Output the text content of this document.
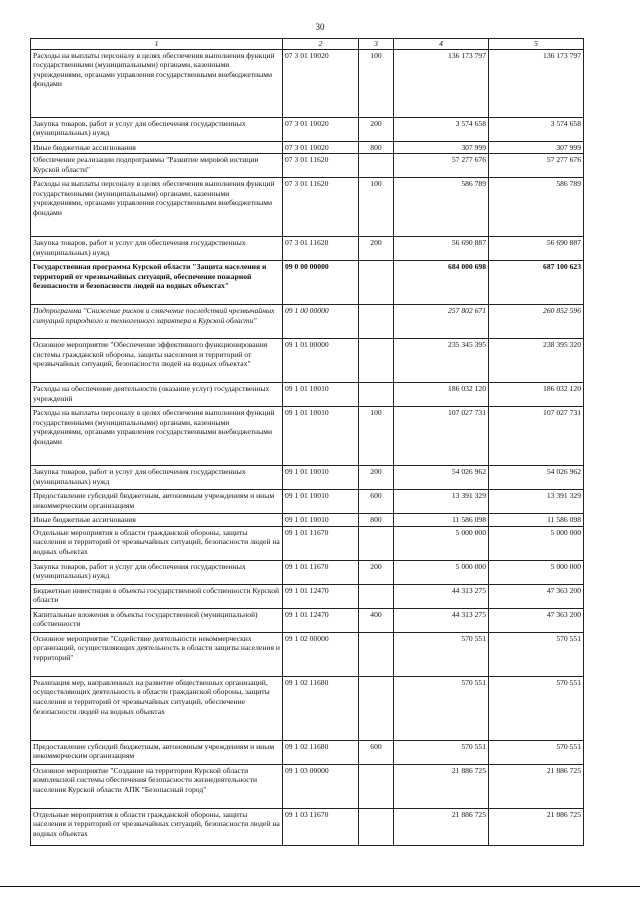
30
1	2	3	4	5
Расходы на выплаты персоналу в целях обеспечения выполнения функций государственными (муниципальными) органами, казенными учреждениями, органами управления государственными внебюджетными фондами	07 3 01 10020	100	136 173 797	136 173 797
Закупка товаров, работ и услуг для обеспечения государственных (муниципальных) нужд	07 3 01 10020	200	3 574 658	3 574 658
Иные бюджетные ассигнования	07 3 01 10020	800	307 999	307 999
Обеспечение реализации подпрограммы "Развитие мировой юстиции Курской области"	07 3 01 11620		57 277 676	57 277 676
Расходы на выплаты персоналу в целях обеспечения выполнения функций государственными (муниципальными) органами, казенными учреждениями, органами управления государственными внебюджетными фондами	07 3 01 11620	100	586 789	586 789
Закупка товаров, работ и услуг для обеспечения государственных (муниципальных) нужд	07 3 01 11620	200	56 690 887	56 690 887
Государственная программа Курской области "Защита населения и территорий от чрезвычайных ситуаций, обеспечение пожарной безопасности и безопасности людей на водных объектах"	09 0 00 00000		684 000 698	687 100 623
Подпрограмма "Снижение рисков и смягчение последствий чрезвычайных ситуаций природного и техногенного характера в Курской области"	09 1 00 00000		257 802 671	260 852 596
Основное мероприятие "Обеспечение эффективного функционирования системы гражданской обороны, защиты населения и территорий от чрезвычайных ситуаций, безопасности людей на водных объектах"	09 1 01 00000		235 345 395	238 395 320
Расходы на обеспечение деятельности (оказание услуг) государственных учреждений	09 1 01 10010		186 032 120	186 032 120
Расходы на выплаты персоналу в целях обеспечения выполнения функций государственными (муниципальными) органами, казенными учреждениями, органами управления государственными внебюджетными фондами	09 1 01 10010	100	107 027 731	107 027 731
Закупка товаров, работ и услуг для обеспечения государственных (муниципальных) нужд	09 1 01 10010	200	54 026 962	54 026 962
Предоставление субсидий бюджетным, автономным учреждениям и иным некоммерческим организациям	09 1 01 10010	600	13 391 329	13 391 329
Иные бюджетные ассигнования	09 1 01 10010	800	11 586 098	11 586 098
Отдельные мероприятия в области гражданской обороны, защиты населения и территорий от чрезвычайных ситуаций, безопасности людей на водных объектах	09 1 01 11670		5 000 000	5 000 000
Закупка товаров, работ и услуг для обеспечения государственных (муниципальных) нужд	09 1 01 11670	200	5 000 000	5 000 000
Бюджетные инвестиции в объекты государственной собственности Курской области	09 1 01 12470		44 313 275	47 363 200
Капитальные вложения в объекты государственной (муниципальной) собственности	09 1 01 12470	400	44 313 275	47 363 200
Основное мероприятие "Содействие деятельности некоммерческих организаций, осуществляющих деятельность в области защиты населения и территорий"	09 1 02 00000		570 551	570 551
Реализация мер, направленных на развитие общественных организаций, осуществляющих деятельность в области гражданской обороны, защиты населения и территорий от чрезвычайных ситуаций, обеспечение безопасности людей на водных объектах	09 1 02 11680		570 551	570 551
Предоставление субсидий бюджетным, автономным учреждениям и иным некоммерческим организациям	09 1 02 11680	600	570 551	570 551
Основное мероприятие "Создание на территории Курской области комплексной системы обеспечения безопасности жизнедеятельности населения Курской области АПК "Безопасный город"	09 1 03 00000		21 886 725	21 886 725
Отдельные мероприятия в области гражданской обороны, защиты населения и территорий от чрезвычайных ситуаций, безопасности людей на водных объектах	09 1 03 11670		21 886 725	21 886 725
